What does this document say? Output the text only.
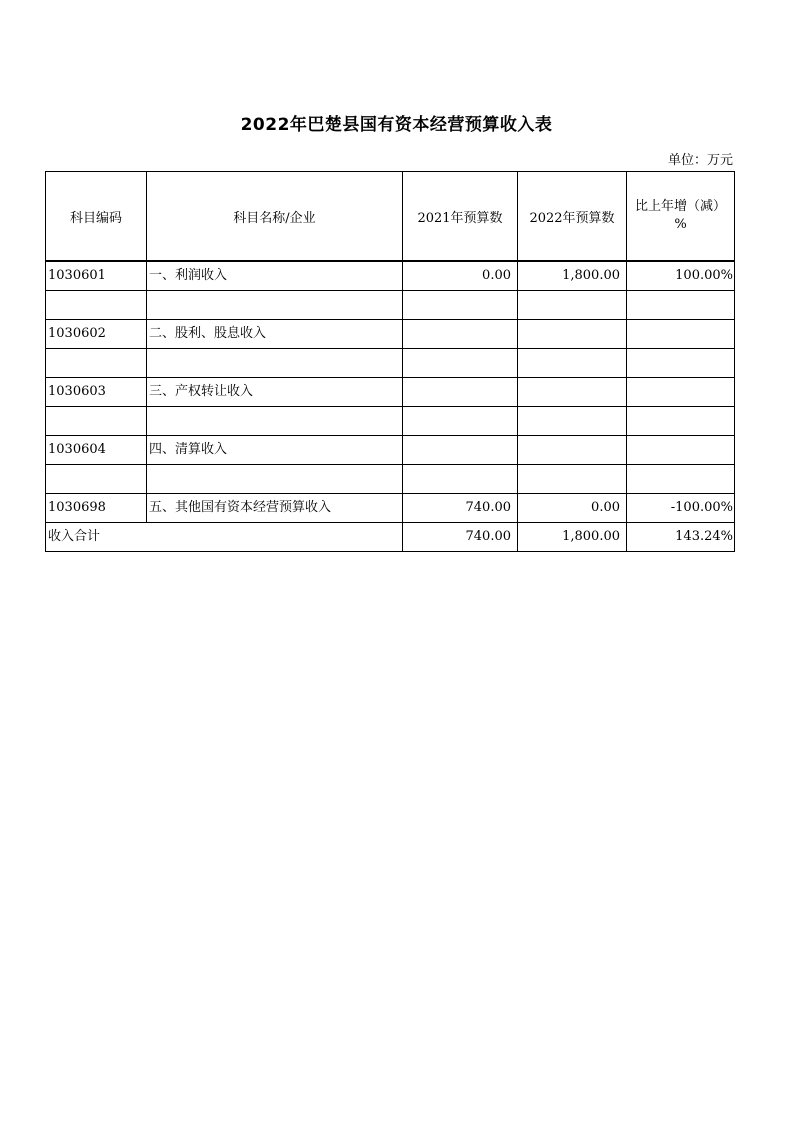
2022年巴楚县国有资本经营预算收入表
单位：万元
科目编码	科目名称/企业	2021年预算数	2022年预算数	比上年增（减）%
1030601	一、利润收入	0.00	1,800.00	100.00%

1030602	二、股利、股息收入			

1030603	三、产权转让收入			

1030604	四、清算收入			

1030698	五、其他国有资本经营预算收入	740.00	0.00	-100.00%
收入合计		740.00	1,800.00	143.24%
